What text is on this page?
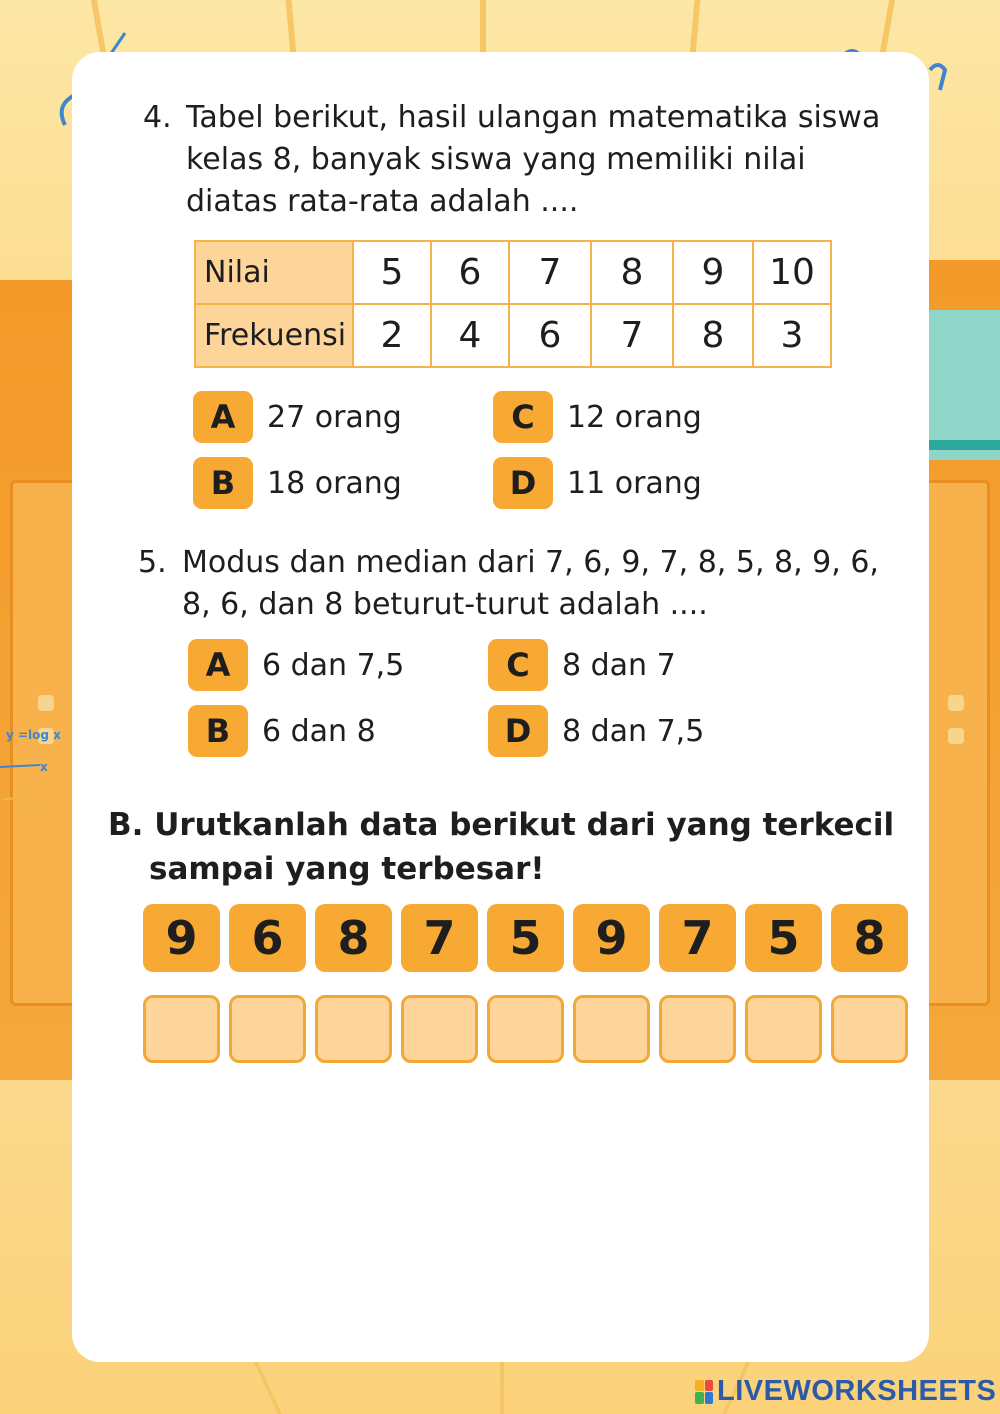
y =log x
x
4. Tabel berikut, hasil ulangan matematika siswa
kelas 8, banyak siswa yang memiliki nilai
diatas rata-rata adalah ....
Nilai	5	6	7	8	9	10
Frekuensi	2	4	6	7	8	3
A	27 orang
B	18 orang
C	12 orang
D	11 orang
5. Modus dan median dari 7, 6, 9, 7, 8, 5, 8, 9, 6,
8, 6, dan 8 beturut-turut adalah ....
A	6 dan 7,5
B	6 dan 8
C	8 dan 7
D	8 dan 7,5
B. Urutkanlah data berikut dari yang terkecil
sampai yang terbesar!
9	6	8	7	5	9	7	5	8
LIVEWORKSHEETS
